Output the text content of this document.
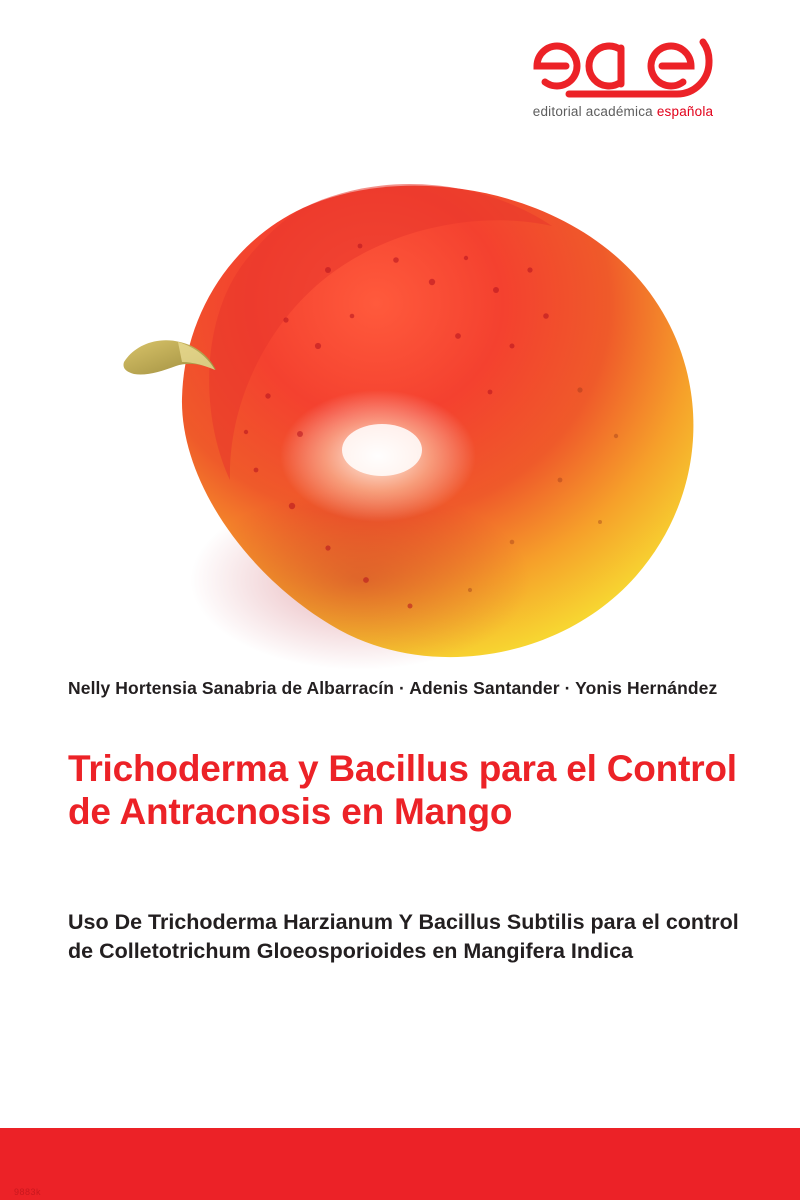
editorial académica española
Nelly Hortensia Sanabria de Albarracín · Adenis Santander · Yonis Hernández
Trichoderma y Bacillus para el Control de Antracnosis en Mango
Uso De Trichoderma Harzianum Y Bacillus Subtilis para el control de Colletotrichum Gloeosporioides en Mangifera Indica
9883k
